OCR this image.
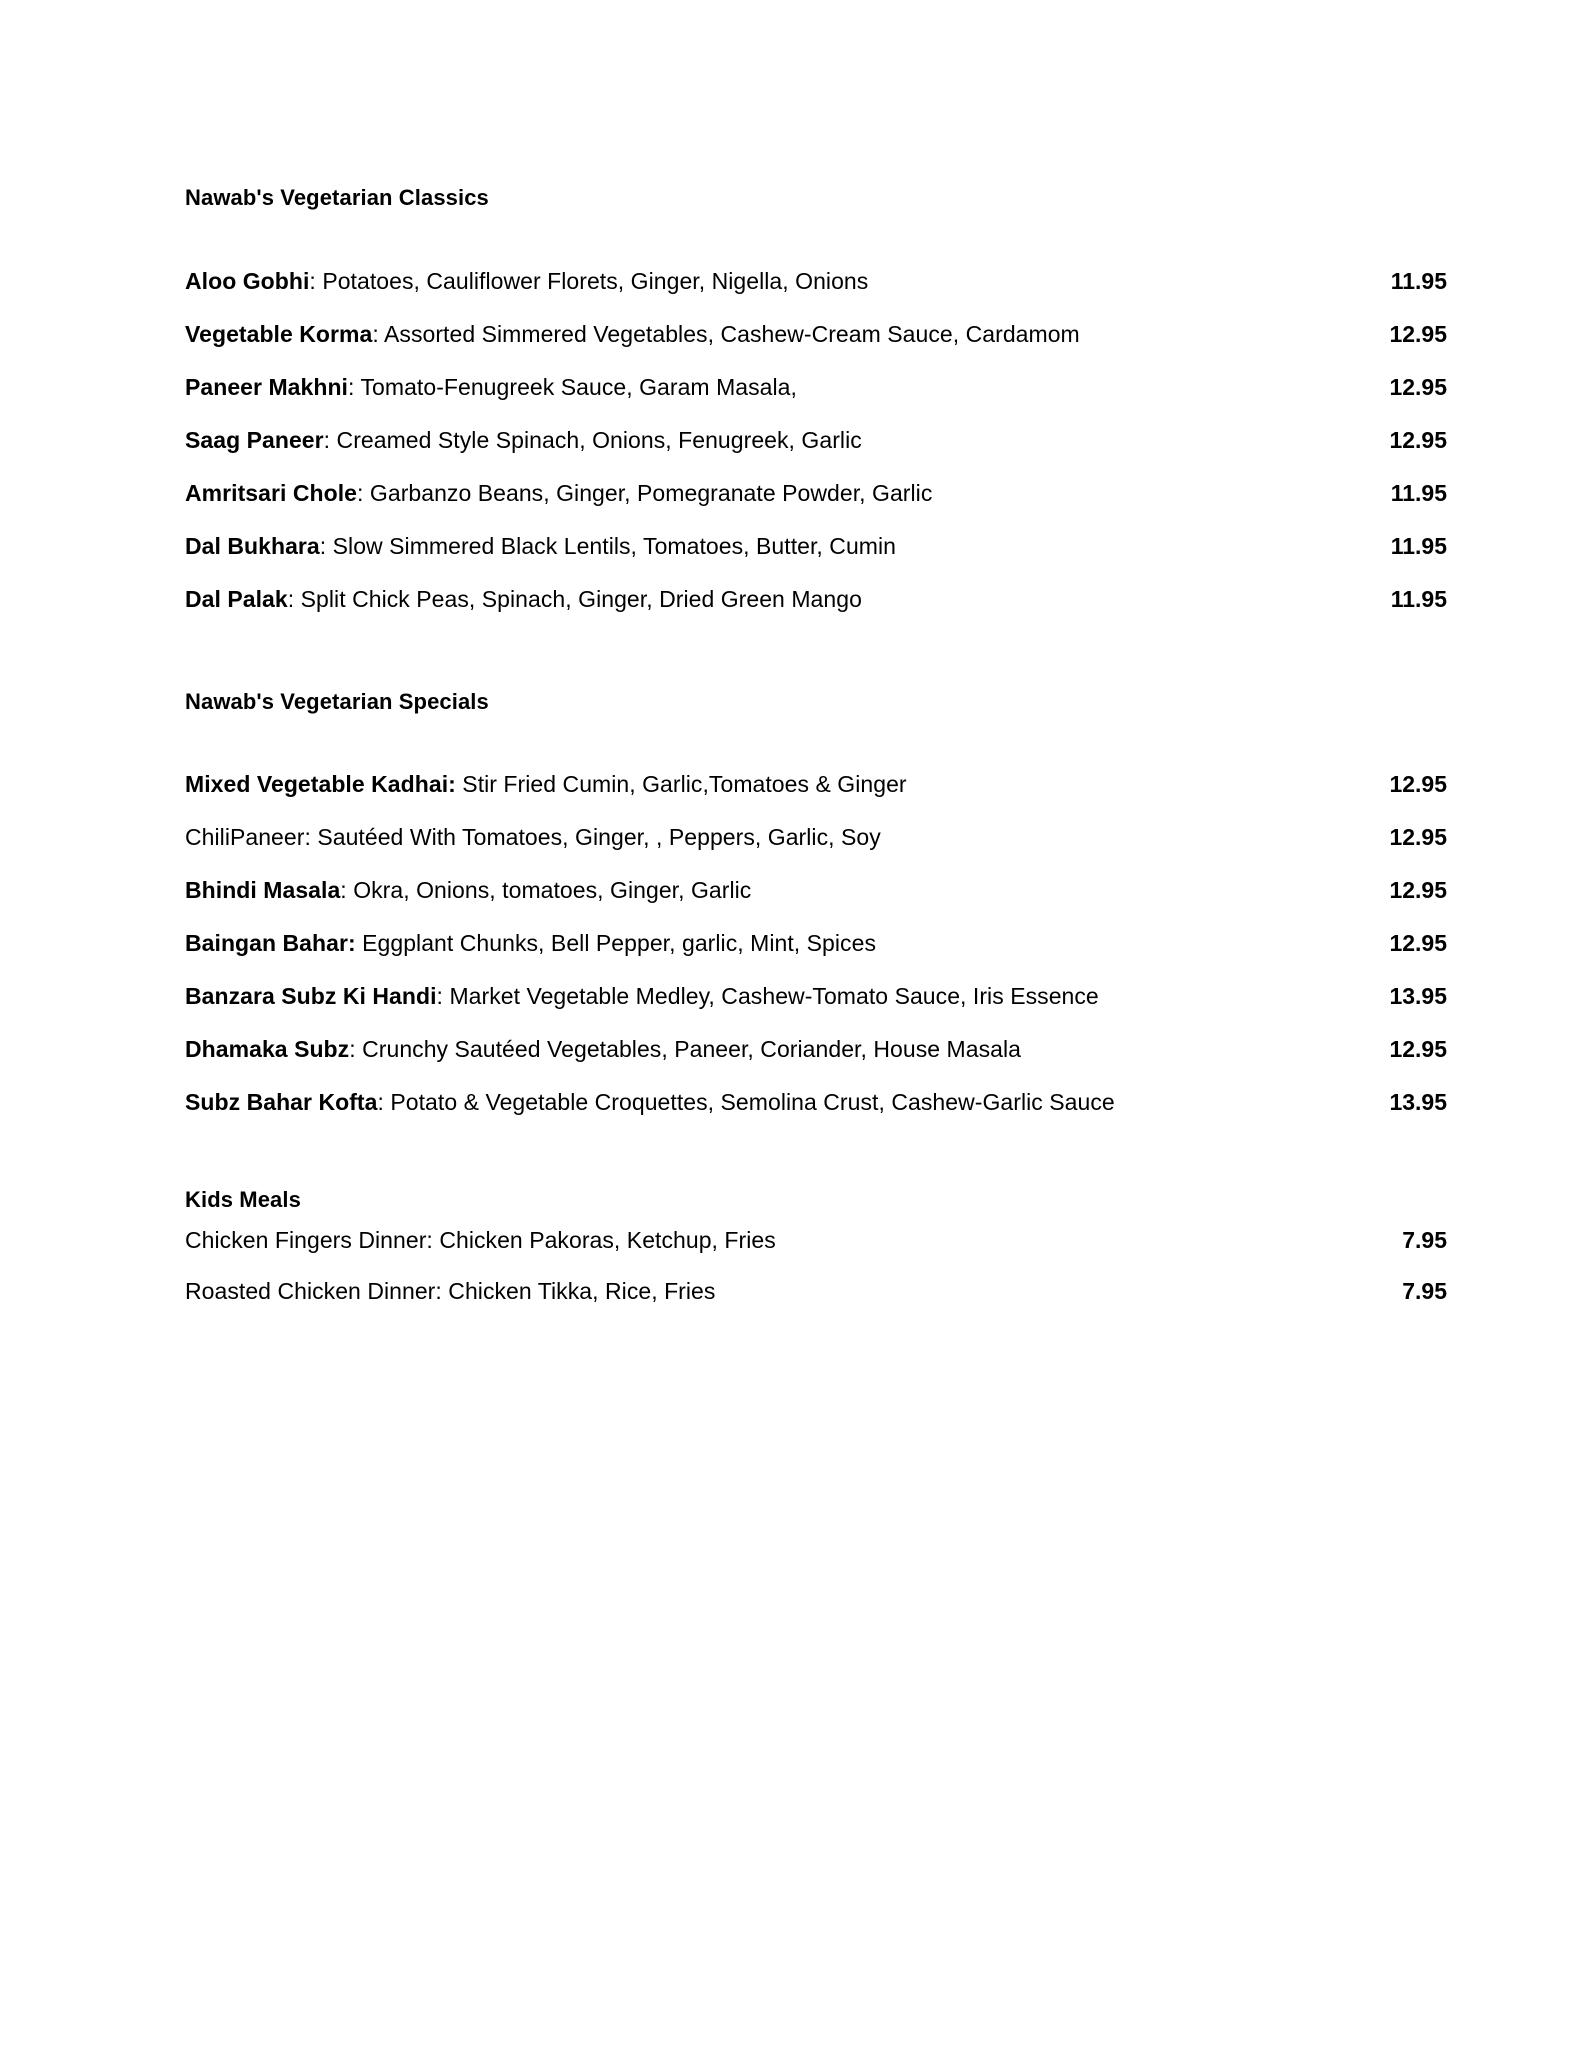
Nawab's Vegetarian Classics
Aloo Gobhi: Potatoes, Cauliflower Florets, Ginger, Nigella, Onions	11.95
Vegetable Korma: Assorted Simmered Vegetables, Cashew-Cream Sauce, Cardamom	12.95
Paneer Makhni: Tomato-Fenugreek Sauce, Garam Masala,	12.95
Saag Paneer: Creamed Style Spinach, Onions, Fenugreek, Garlic	12.95
Amritsari Chole: Garbanzo Beans, Ginger, Pomegranate Powder, Garlic	11.95
Dal Bukhara: Slow Simmered Black Lentils, Tomatoes, Butter, Cumin	11.95
Dal Palak: Split Chick Peas, Spinach, Ginger, Dried Green Mango	11.95
Nawab's Vegetarian Specials
Mixed Vegetable Kadhai: Stir Fried Cumin, Garlic,Tomatoes & Ginger	12.95
ChiliPaneer: Sautéed With Tomatoes, Ginger, , Peppers, Garlic, Soy	12.95
Bhindi Masala: Okra, Onions, tomatoes, Ginger, Garlic	12.95
Baingan Bahar: Eggplant Chunks, Bell Pepper, garlic, Mint, Spices	12.95
Banzara Subz Ki Handi: Market Vegetable Medley, Cashew-Tomato Sauce, Iris Essence	13.95
Dhamaka Subz: Crunchy Sautéed Vegetables, Paneer, Coriander, House Masala	12.95
Subz Bahar Kofta: Potato & Vegetable Croquettes, Semolina Crust, Cashew-Garlic Sauce	13.95
Kids Meals
Chicken Fingers Dinner: Chicken Pakoras, Ketchup, Fries	7.95
Roasted Chicken Dinner: Chicken Tikka, Rice, Fries	7.95
